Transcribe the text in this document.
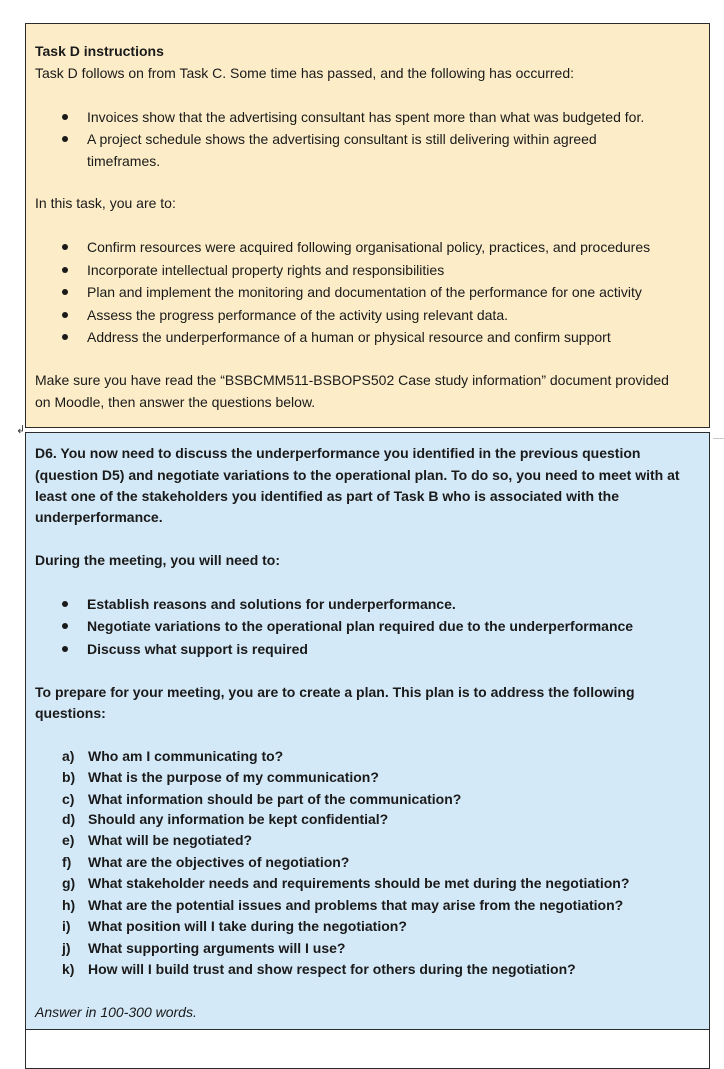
Task D instructions
Task D follows on from Task C. Some time has passed, and the following has occurred:
Invoices show that the advertising consultant has spent more than what was budgeted for.
A project schedule shows the advertising consultant is still delivering within agreed
timeframes.
In this task, you are to:
Confirm resources were acquired following organisational policy, practices, and procedures
Incorporate intellectual property rights and responsibilities
Plan and implement the monitoring and documentation of the performance for one activity
Assess the progress performance of the activity using relevant data.
Address the underperformance of a human or physical resource and confirm support
Make sure you have read the “BSBCMM511-BSBOPS502 Case study information” document provided
on Moodle, then answer the questions below.
↲
D6. You now need to discuss the underperformance you identified in the previous question
(question D5) and negotiate variations to the operational plan. To do so, you need to meet with at
least one of the stakeholders you identified as part of Task B who is associated with the
underperformance.
During the meeting, you will need to:
Establish reasons and solutions for underperformance.
Negotiate variations to the operational plan required due to the underperformance
Discuss what support is required
To prepare for your meeting, you are to create a plan. This plan is to address the following
questions:
a) Who am I communicating to?
b) What is the purpose of my communication?
c) What information should be part of the communication?
d) Should any information be kept confidential?
e) What will be negotiated?
f) What are the objectives of negotiation?
g) What stakeholder needs and requirements should be met during the negotiation?
h) What are the potential issues and problems that may arise from the negotiation?
i) What position will I take during the negotiation?
j) What supporting arguments will I use?
k) How will I build trust and show respect for others during the negotiation?
Answer in 100-300 words.
